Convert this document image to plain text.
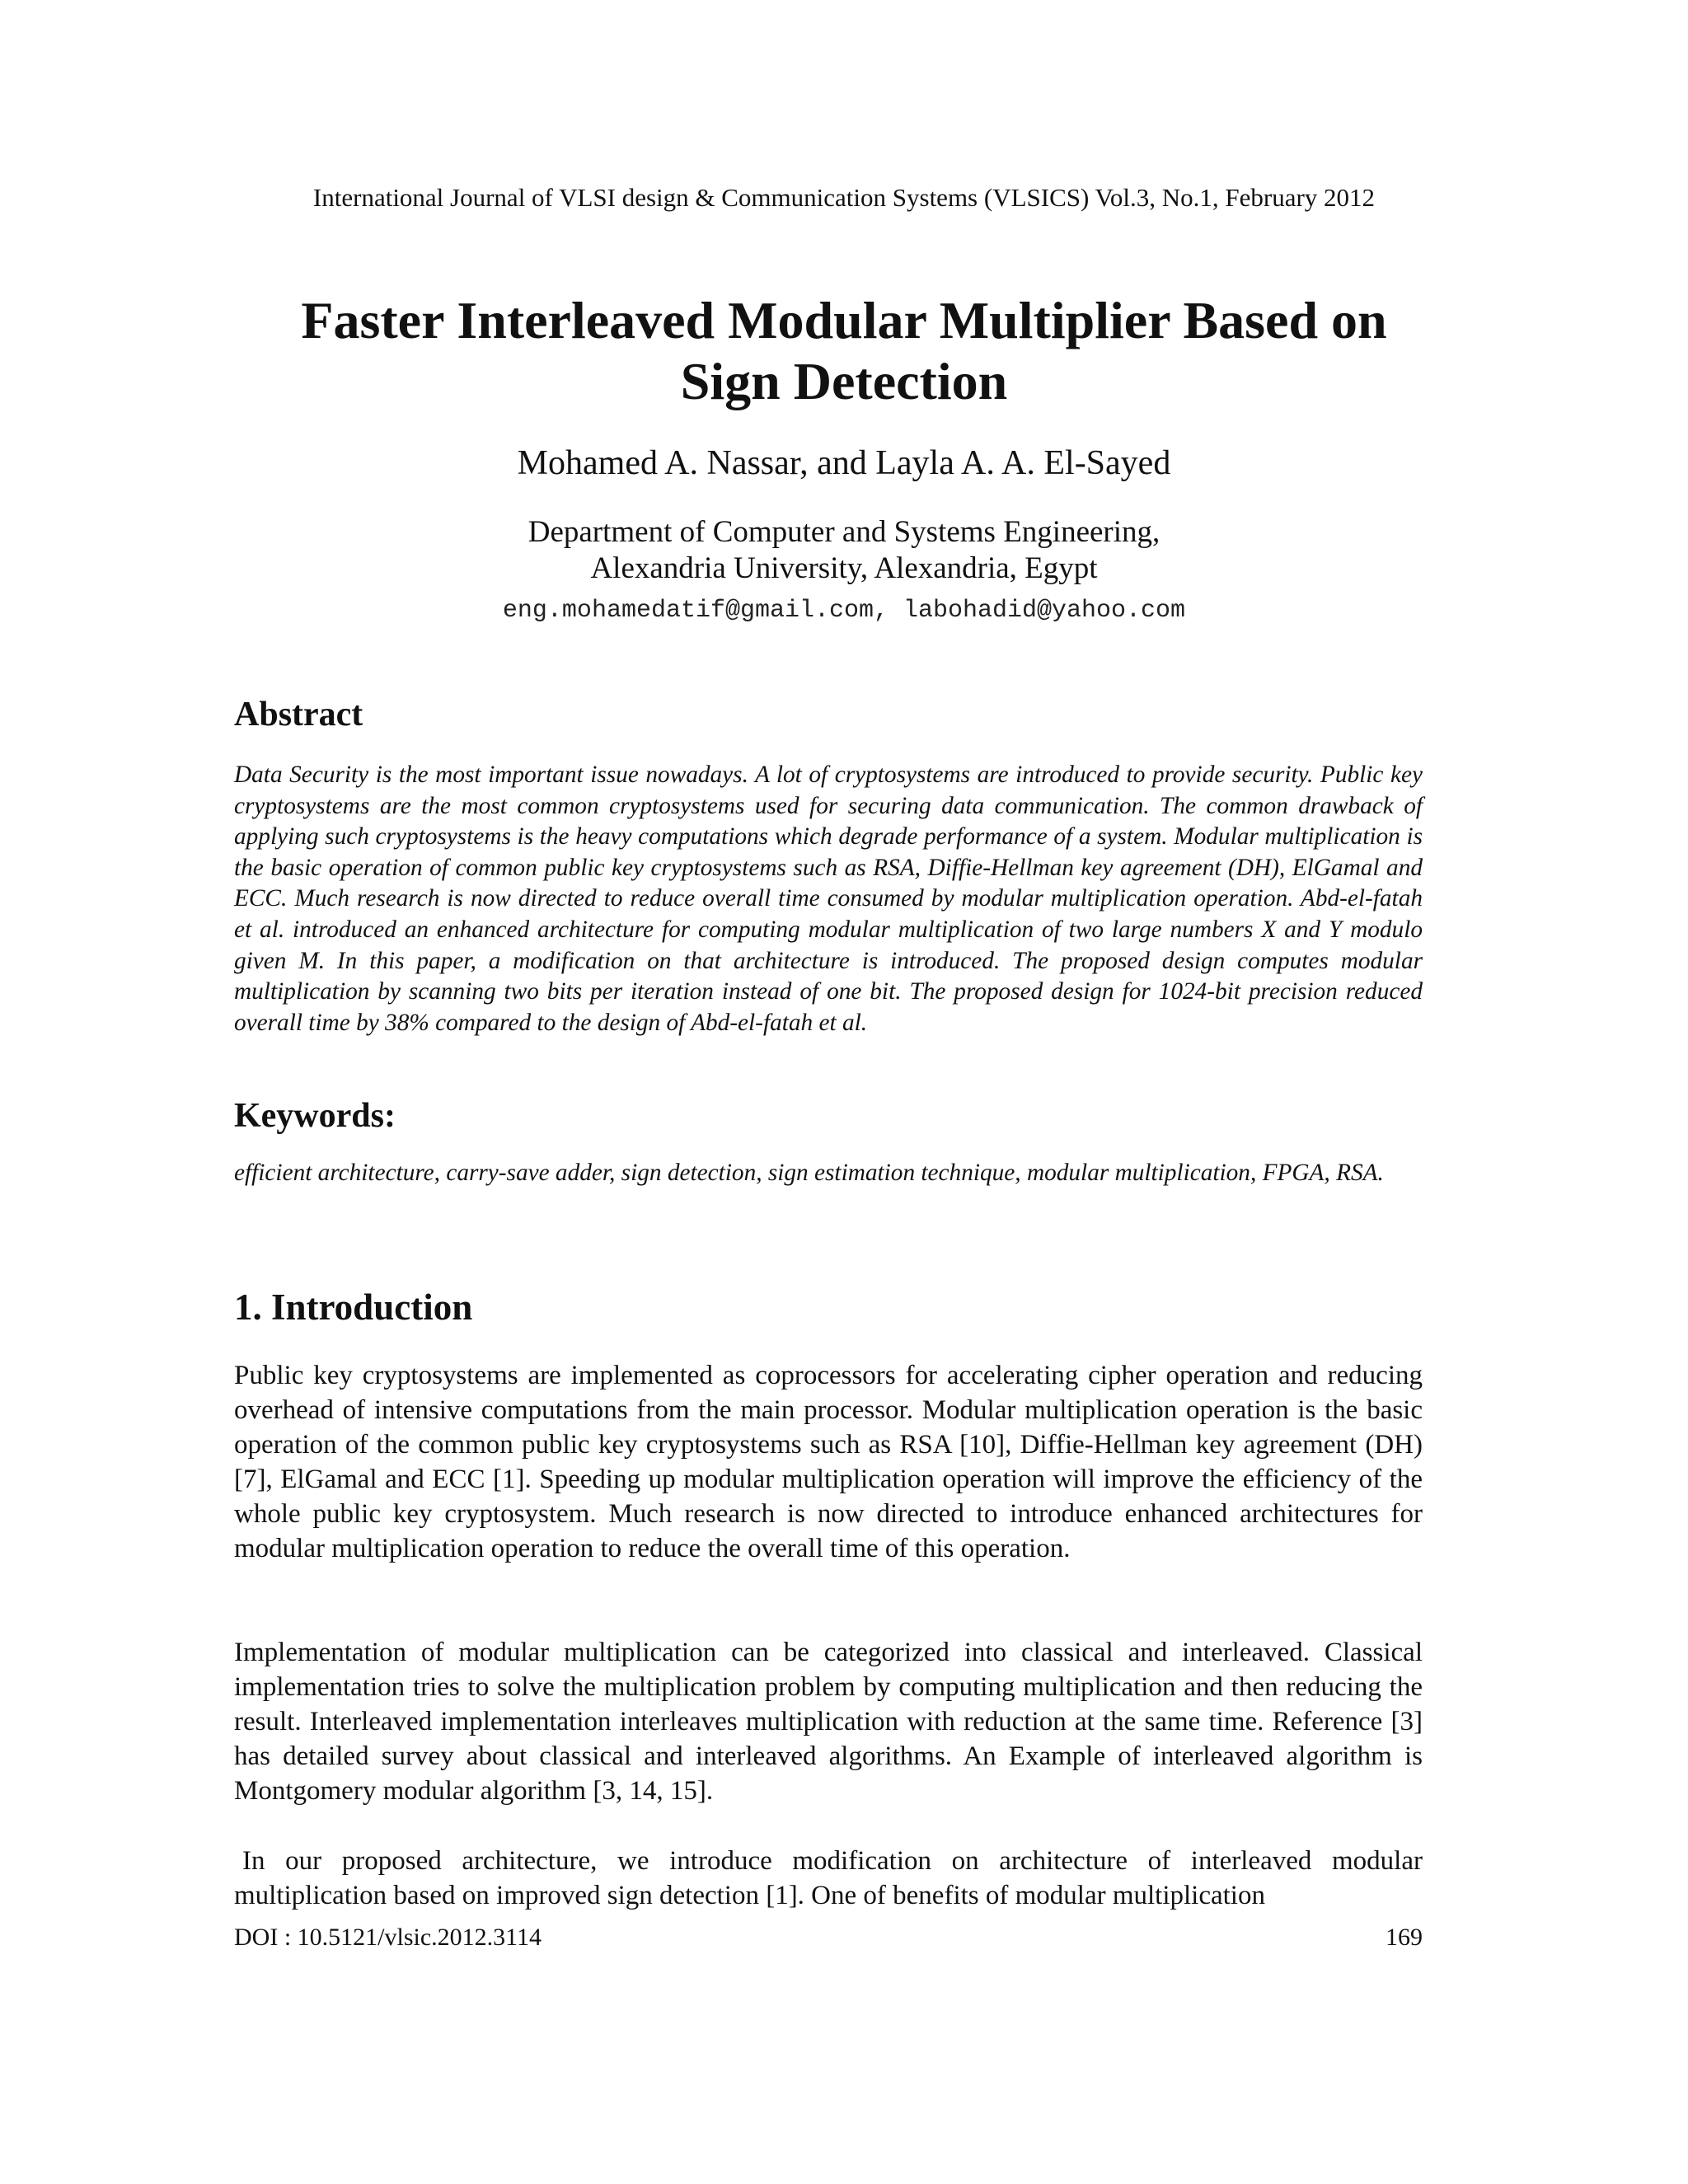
International Journal of VLSI design & Communication Systems (VLSICS) Vol.3, No.1, February 2012
Faster Interleaved Modular Multiplier Based on
Sign Detection
Mohamed A. Nassar, and Layla A. A. El-Sayed
Department of Computer and Systems Engineering,
Alexandria University, Alexandria, Egypt
eng.mohamedatif@gmail.com, labohadid@yahoo.com
Abstract

Data Security is the most important issue nowadays. A lot of cryptosystems are introduced to provide security. Public key cryptosystems are the most common cryptosystems used for securing data communication. The common drawback of applying such cryptosystems is the heavy computations which degrade performance of a system. Modular multiplication is the basic operation of common public key cryptosystems such as RSA, Diffie-Hellman key agreement (DH), ElGamal and ECC. Much research is now directed to reduce overall time consumed by modular multiplication operation. Abd-el-fatah et al. introduced an enhanced architecture for computing modular multiplication of two large numbers X and Y modulo given M. In this paper, a modification on that architecture is introduced. The proposed design computes modular multiplication by scanning two bits per iteration instead of one bit. The proposed design for 1024-bit precision reduced overall time by 38% compared to the design of Abd-el-fatah et al.

Keywords:

efficient architecture, carry-save adder, sign detection, sign estimation technique, modular multiplication, FPGA, RSA.

1. Introduction

Public key cryptosystems are implemented as coprocessors for accelerating cipher operation and reducing overhead of intensive computations from the main processor. Modular multiplication operation is the basic operation of the common public key cryptosystems such as RSA [10], Diffie-Hellman key agreement (DH) [7], ElGamal and ECC [1]. Speeding up modular multiplication operation will improve the efficiency of the whole public key cryptosystem. Much research is now directed to introduce enhanced architectures for modular multiplication operation to reduce the overall time of this operation.

Implementation of modular multiplication can be categorized into classical and interleaved. Classical implementation tries to solve the multiplication problem by computing multiplication and then reducing the result. Interleaved implementation interleaves multiplication with reduction at the same time. Reference [3] has detailed survey about classical and interleaved algorithms. An Example of interleaved algorithm is Montgomery modular algorithm [3, 14, 15].

In our proposed architecture, we introduce modification on architecture of interleaved modular multiplication based on improved sign detection [1]. One of benefits of modular multiplication

DOI : 10.5121/vlsic.2012.3114	169
